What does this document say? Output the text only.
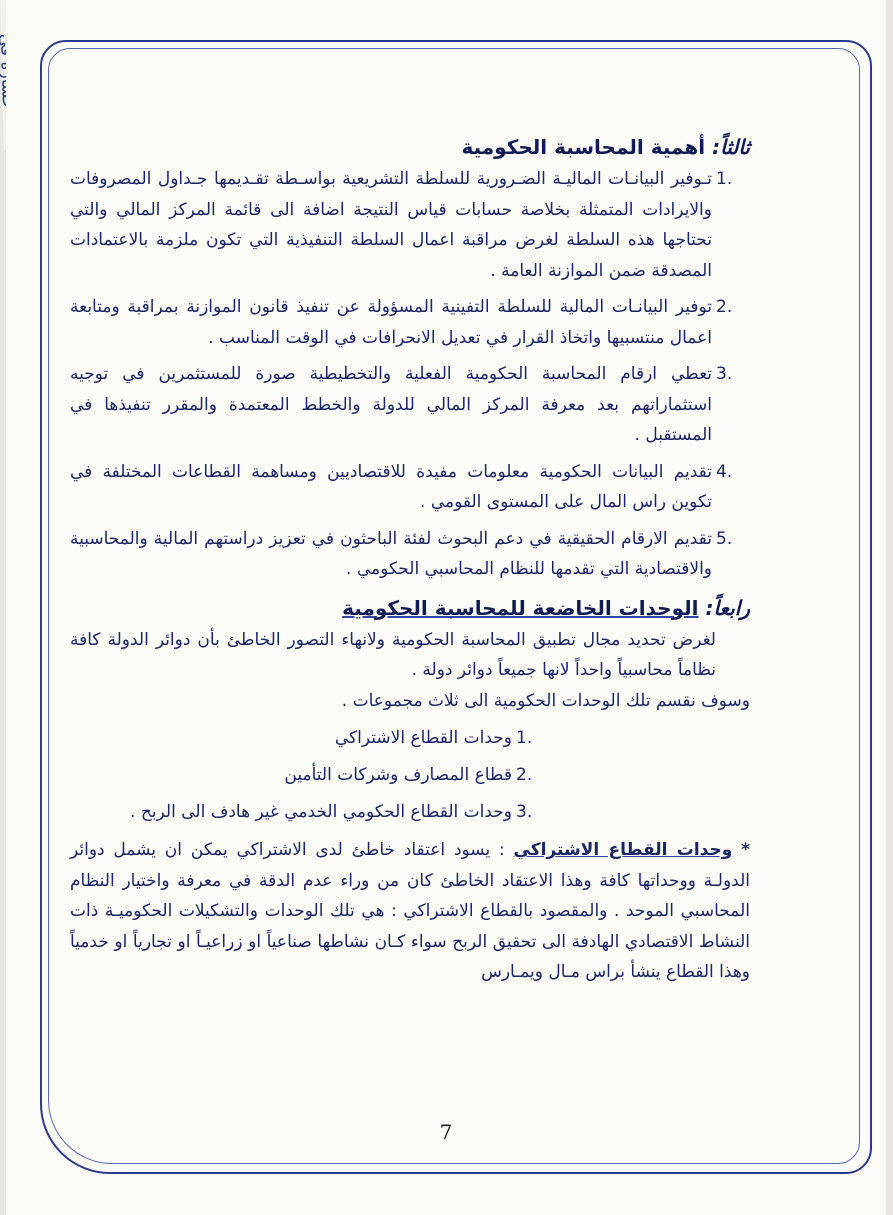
ثالثاً: أهمية المحاسبة الحكومية
1.
تـوفير البيانـات الماليـة الضـرورية للسلطة التشريعية بواسـطة تقـديمها جـداول المصروفات والايرادات المتمثلة بخلاصة حسابات قياس النتيجة اضافة الى قائمة المركز المالي والتي تحتاجها هذه السلطة لغرض مراقبة اعمال السلطة التنفيذية التي تكون ملزمة بالاعتمادات المصدقة ضمن الموازنة العامة .
2.
توفير البيانـات المالية للسلطة التفينية المسؤولة عن تنفيذ قانون الموازنة بمراقبة ومتابعة اعمال منتسبيها واتخاذ القرار في تعديل الانحرافات في الوقت المناسب .
3.
تعطي ارقام المحاسبة الحكومية الفعلية والتخطيطية صورة للمستثمرين في توجيه استثماراتهم بعد معرفة المركز المالي للدولة والخطط المعتمدة والمقرر تنفيذها في المستقبل .
4.
تقديم البيانات الحكومية معلومات مفيدة للاقتصاديين ومساهمة القطاعات المختلفة في تكوين راس المال على المستوى القومي .
5.
تقديم الارقام الحقيقية في دعم البحوث لفئة الباحثون في تعزيز دراستهم المالية والمحاسبية والاقتصادية التي تقدمها للنظام المحاسبي الحكومي .
رابعاً: الوحدات الخاضعة للمحاسبة الحكومية

لغرض تحديد مجال تطبيق المحاسبة الحكومية ولانهاء التصور الخاطئ بأن دوائر الدولة كافة نظاماً محاسبياً واحداً لانها جميعاً دوائر دولة .

وسوف نقسم تلك الوحدات الحكومية الى ثلاث مجموعات .

1.
وحدات القطاع الاشتراكي
2.
قطاع المصارف وشركات التأمين
3.
وحدات القطاع الحكومي الخدمي غير هادف الى الربح .

* وحدات القطاع الاشتراكي : يسود اعتقاد خاطئ لدى الاشتراكي يمكن ان يشمل دوائر الدولـة ووحداتها كافة وهذا الاعتقاد الخاطئ كان من وراء عدم الدقة في معرفة واختيار النظام المحاسبي الموحد . والمقصود بالقطاع الاشتراكي : هي تلك الوحدات والتشكيلات الحكوميـة ذات النشاط الاقتصادي الهادفة الى تحقيق الربح سواء كـان نشاطها صناعياً او زراعيـاً او تجارياً او خدمياً وهذا القطاع ينشأ براس مـال ويمـارس

7
